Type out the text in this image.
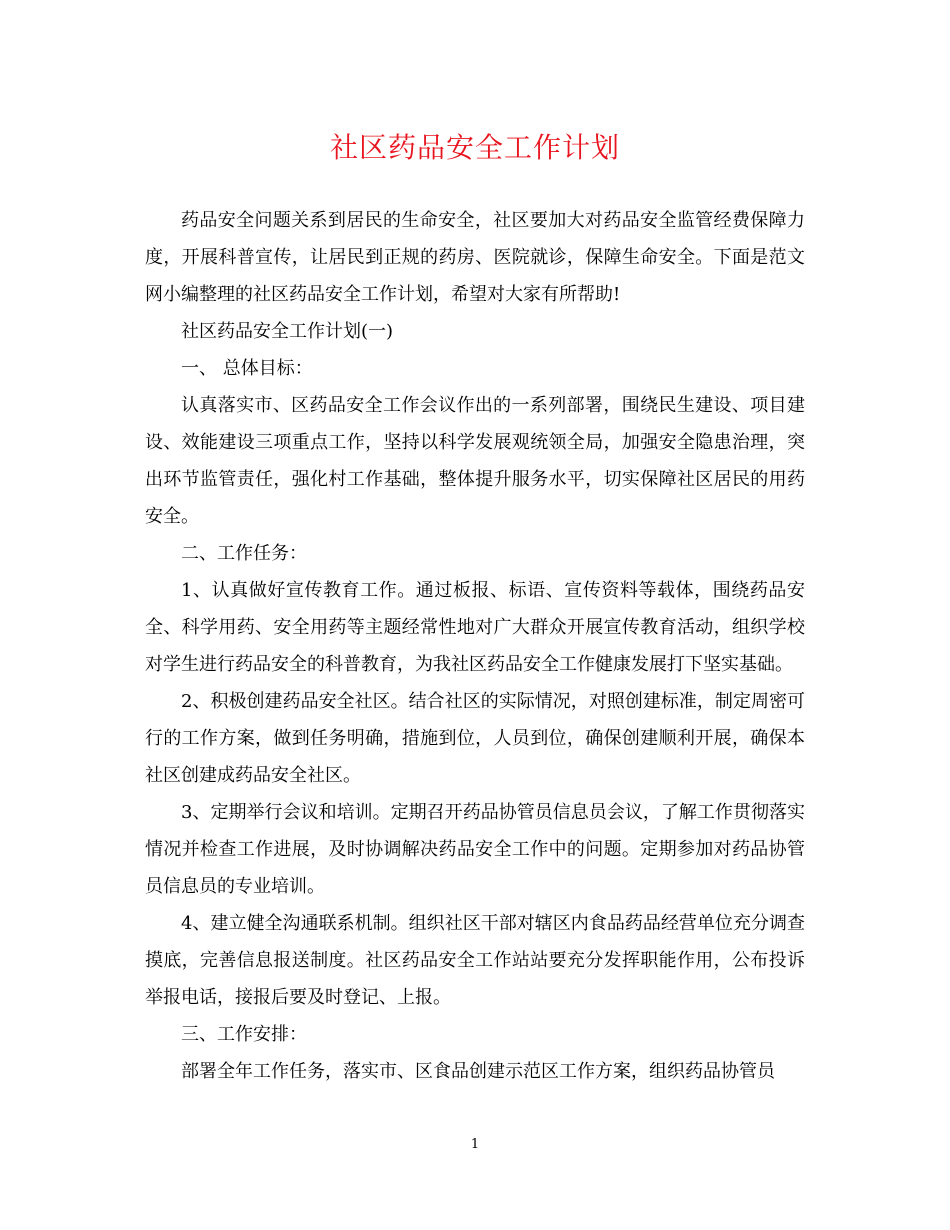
社区药品安全工作计划

药品安全问题关系到居民的生命安全，社区要加大对药品安全监管经费保障力度，开展科普宣传，让居民到正规的药房、医院就诊，保障生命安全。下面是范文网小编整理的社区药品安全工作计划，希望对大家有所帮助!

社区药品安全工作计划(一)

一、 总体目标：

认真落实市、区药品安全工作会议作出的一系列部署，围绕民生建设、项目建设、效能建设三项重点工作，坚持以科学发展观统领全局，加强安全隐患治理，突出环节监管责任，强化村工作基础，整体提升服务水平，切实保障社区居民的用药安全。

二、工作任务：

1、认真做好宣传教育工作。通过板报、标语、宣传资料等载体，围绕药品安全、科学用药、安全用药等主题经常性地对广大群众开展宣传教育活动，组织学校对学生进行药品安全的科普教育，为我社区药品安全工作健康发展打下坚实基础。

2、积极创建药品安全社区。结合社区的实际情况，对照创建标准，制定周密可行的工作方案，做到任务明确，措施到位，人员到位，确保创建顺利开展，确保本社区创建成药品安全社区。

3、定期举行会议和培训。定期召开药品协管员信息员会议，了解工作贯彻落实情况并检查工作进展，及时协调解决药品安全工作中的问题。定期参加对药品协管员信息员的专业培训。

4、建立健全沟通联系机制。组织社区干部对辖区内食品药品经营单位充分调查摸底，完善信息报送制度。社区药品安全工作站站要充分发挥职能作用，公布投诉举报电话，接报后要及时登记、上报。

三、工作安排：

部署全年工作任务，落实市、区食品创建示范区工作方案，组织药品协管员

1
